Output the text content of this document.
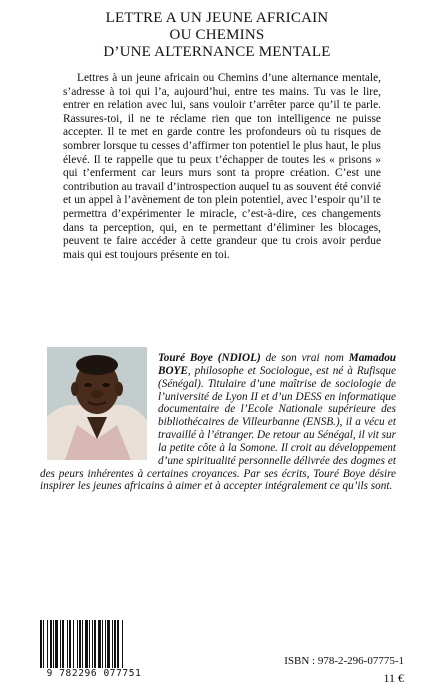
LETTRE A UN JEUNE AFRICAIN
OU CHEMINS
D’UNE ALTERNANCE MENTALE

Lettres à un jeune africain ou Chemins d’une alternance mentale, s’adresse à toi qui l’a, aujourd’hui, entre tes mains. Tu vas le lire, entrer en relation avec lui, sans vouloir t’arrêter parce qu’il te parle. Rassures-toi, il ne te réclame rien que ton intelligence ne puisse accepter. Il te met en garde contre les profondeurs où tu risques de sombrer lorsque tu cesses d’affirmer ton potentiel le plus haut, le plus élevé. Il te rappelle que tu peux t’échapper de toutes les « prisons » qui t’enferment car leurs murs sont ta propre création. C’est une contribution au travail d’introspection auquel tu as souvent été convié et un appel à l’avènement de ton plein potentiel, avec l’espoir qu’il te permettra d’expérimenter le miracle, c’est-à-dire, ces changements dans ta perception, qui, en te permettant d’éliminer les blocages, peuvent te faire accéder à cette grandeur que tu crois avoir perdue mais qui est toujours présente en toi.

Touré Boye (NDIOL) de son vrai nom Mamadou BOYE, philosophe et Sociologue, est né à Rufisque (Sénégal). Titulaire d’une maîtrise de sociologie de l’université de Lyon II et d’un DESS en informatique documentaire de l’Ecole Nationale supérieure des bibliothécaires de Villeurbanne (ENSB.), il a vécu et travaillé à l’étranger. De retour au Sénégal, il vit sur la petite côte à la Somone. Il croit au développement d’une spiritualité personnelle délivrée des dogmes et des peurs inhérentes à certaines croyances. Par ses écrits, Touré Boye désire inspirer les jeunes africains à aimer et à accepter intégralement ce qu’ils sont.
9 782296 077751
ISBN : 978-2-296-07775-1
11 €
